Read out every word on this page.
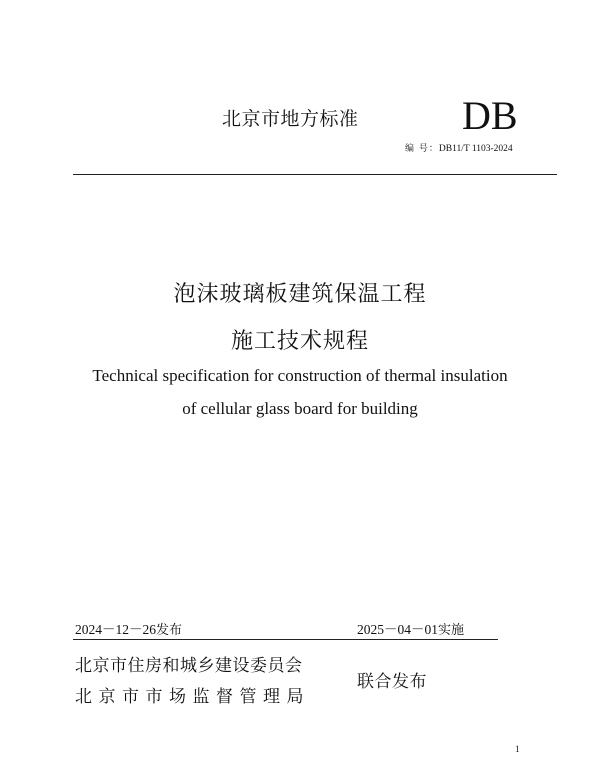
北京市地方标准	DB
编 号：DB11/T 1103-2024
泡沫玻璃板建筑保温工程
施工技术规程
Technical specification for construction of thermal insulation
of cellular glass board for building
2024－12－26发布	2025－04－01实施
北京市住房和城乡建设委员会
北京市市场监督管理局
联合发布
1
